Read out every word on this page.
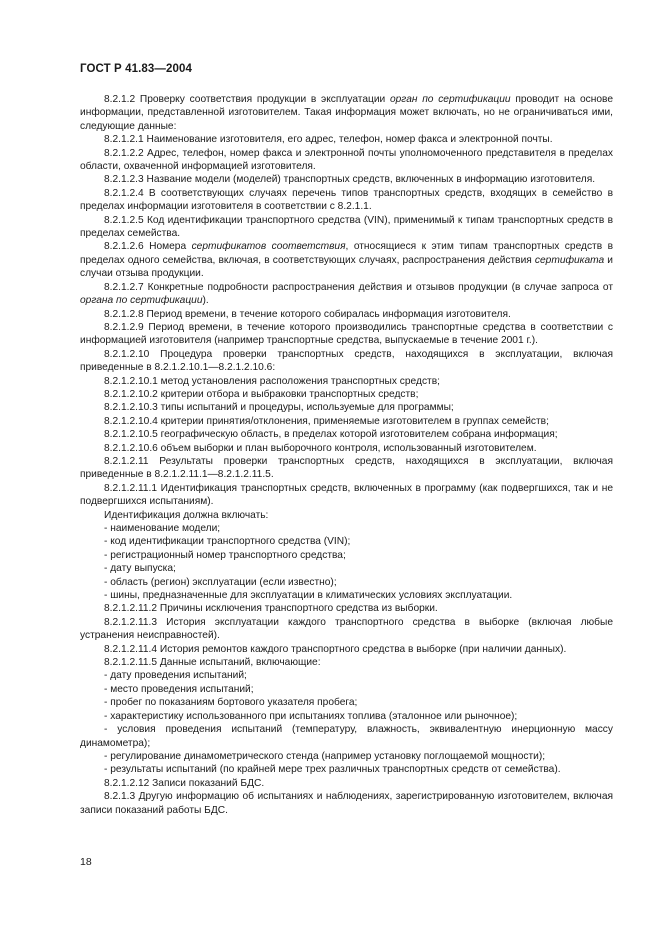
ГОСТ Р 41.83—2004

8.2.1.2 Проверку соответствия продукции в эксплуатации орган по сертификации проводит на основе информации, представленной изготовителем. Такая информация может включать, но не ограничиваться ими, следующие данные:

8.2.1.2.1 Наименование изготовителя, его адрес, телефон, номер факса и электронной почты.

8.2.1.2.2 Адрес, телефон, номер факса и электронной почты уполномоченного представителя в пределах области, охваченной информацией изготовителя.

8.2.1.2.3 Название модели (моделей) транспортных средств, включенных в информацию изготовителя.

8.2.1.2.4 В соответствующих случаях перечень типов транспортных средств, входящих в семейство в пределах информации изготовителя в соответствии с 8.2.1.1.

8.2.1.2.5 Код идентификации транспортного средства (VIN), применимый к типам транспортных средств в пределах семейства.

8.2.1.2.6 Номера сертификатов соответствия, относящиеся к этим типам транспортных средств в пределах одного семейства, включая, в соответствующих случаях, распространения действия сертификата и случаи отзыва продукции.

8.2.1.2.7 Конкретные подробности распространения действия и отзывов продукции (в случае запроса от органа по сертификации).

8.2.1.2.8 Период времени, в течение которого собиралась информация изготовителя.

8.2.1.2.9 Период времени, в течение которого производились транспортные средства в соответствии с информацией изготовителя (например транспортные средства, выпускаемые в течение 2001 г.).

8.2.1.2.10 Процедура проверки транспортных средств, находящихся в эксплуатации, включая приведенные в 8.2.1.2.10.1—8.2.1.2.10.6:

8.2.1.2.10.1 метод установления расположения транспортных средств;

8.2.1.2.10.2 критерии отбора и выбраковки транспортных средств;

8.2.1.2.10.3 типы испытаний и процедуры, используемые для программы;

8.2.1.2.10.4 критерии принятия/отклонения, применяемые изготовителем в группах семейств;

8.2.1.2.10.5 географическую область, в пределах которой изготовителем собрана информация;

8.2.1.2.10.6 объем выборки и план выборочного контроля, использованный изготовителем.

8.2.1.2.11 Результаты проверки транспортных средств, находящихся в эксплуатации, включая приведенные в 8.2.1.2.11.1—8.2.1.2.11.5.

8.2.1.2.11.1 Идентификация транспортных средств, включенных в программу (как подвергшихся, так и не подвергшихся испытаниям).

Идентификация должна включать:

- наименование модели;

- код идентификации транспортного средства (VIN);

- регистрационный номер транспортного средства;

- дату выпуска;

- область (регион) эксплуатации (если известно);

- шины, предназначенные для эксплуатации в климатических условиях эксплуатации.

8.2.1.2.11.2 Причины исключения транспортного средства из выборки.

8.2.1.2.11.3 История эксплуатации каждого транспортного средства в выборке (включая любые устранения неисправностей).

8.2.1.2.11.4 История ремонтов каждого транспортного средства в выборке (при наличии данных).

8.2.1.2.11.5 Данные испытаний, включающие:

- дату проведения испытаний;

- место проведения испытаний;

- пробег по показаниям бортового указателя пробега;

- характеристику использованного при испытаниях топлива (эталонное или рыночное);

- условия проведения испытаний (температуру, влажность, эквивалентную инерционную массу динамометра);

- регулирование динамометрического стенда (например установку поглощаемой мощности);

- результаты испытаний (по крайней мере трех различных транспортных средств от семейства).

8.2.1.2.12 Записи показаний БДС.

8.2.1.3 Другую информацию об испытаниях и наблюдениях, зарегистрированную изготовителем, включая записи показаний работы БДС.

18
